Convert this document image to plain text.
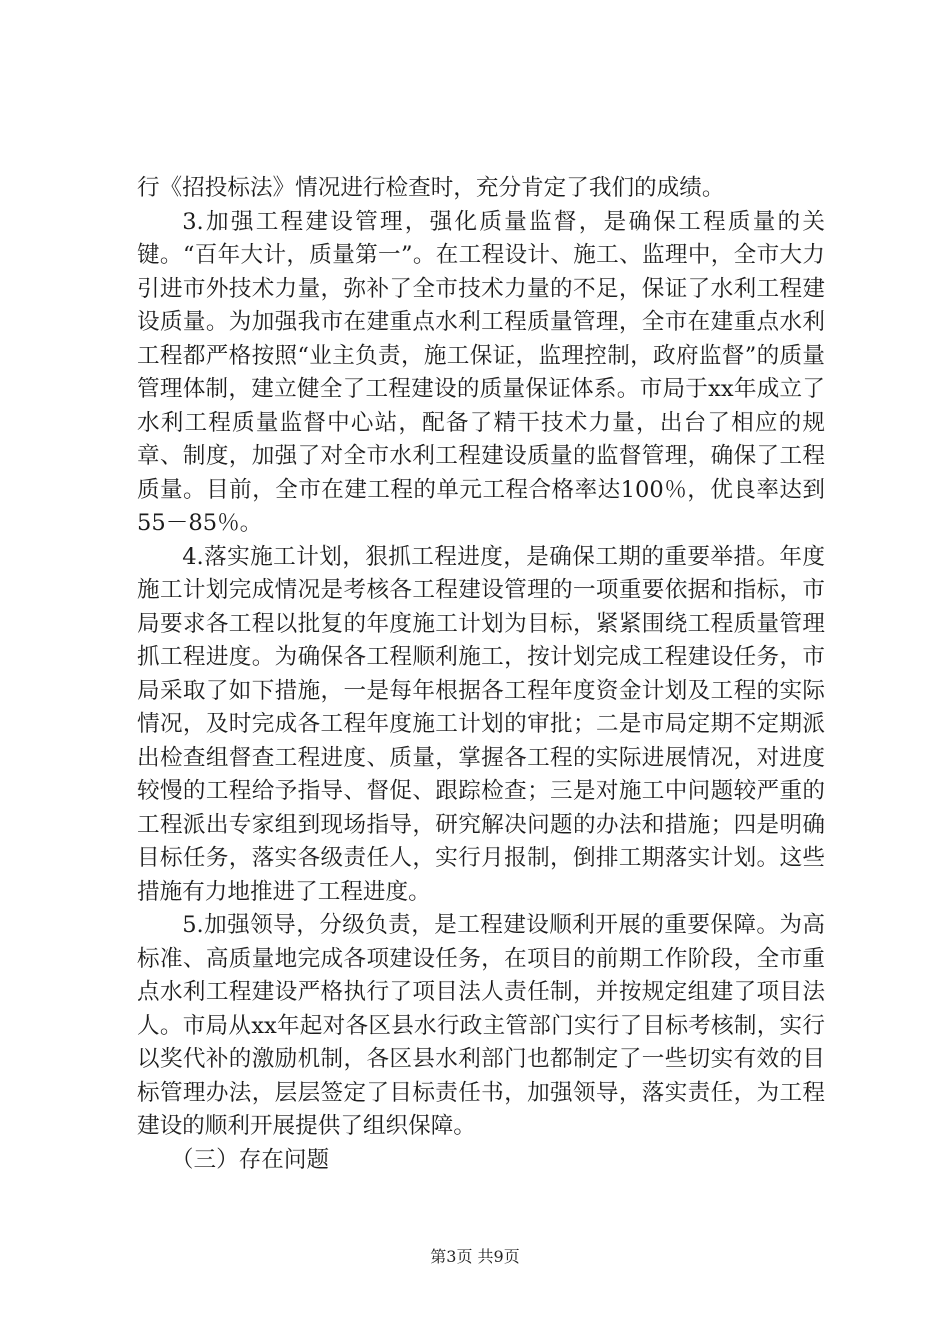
行《招投标法》情况进行检查时，充分肯定了我们的成绩。

3.加强工程建设管理，强化质量监督，是确保工程质量的关键。“百年大计，质量第一”。在工程设计、施工、监理中，全市大力引进市外技术力量，弥补了全市技术力量的不足，保证了水利工程建设质量。为加强我市在建重点水利工程质量管理，全市在建重点水利工程都严格按照“业主负责，施工保证，监理控制，政府监督”的质量管理体制，建立健全了工程建设的质量保证体系。市局于xx年成立了水利工程质量监督中心站，配备了精干技术力量，出台了相应的规章、制度，加强了对全市水利工程建设质量的监督管理，确保了工程质量。目前，全市在建工程的单元工程合格率达100％，优良率达到55－85％。

4.落实施工计划，狠抓工程进度，是确保工期的重要举措。年度施工计划完成情况是考核各工程建设管理的一项重要依据和指标，市局要求各工程以批复的年度施工计划为目标，紧紧围绕工程质量管理抓工程进度。为确保各工程顺利施工，按计划完成工程建设任务，市局采取了如下措施，一是每年根据各工程年度资金计划及工程的实际情况，及时完成各工程年度施工计划的审批；二是市局定期不定期派出检查组督查工程进度、质量，掌握各工程的实际进展情况，对进度较慢的工程给予指导、督促、跟踪检查；三是对施工中问题较严重的工程派出专家组到现场指导，研究解决问题的办法和措施；四是明确目标任务，落实各级责任人，实行月报制，倒排工期落实计划。这些措施有力地推进了工程进度。

5.加强领导，分级负责，是工程建设顺利开展的重要保障。为高标准、高质量地完成各项建设任务，在项目的前期工作阶段，全市重点水利工程建设严格执行了项目法人责任制，并按规定组建了项目法人。市局从xx年起对各区县水行政主管部门实行了目标考核制，实行以奖代补的激励机制，各区县水利部门也都制定了一些切实有效的目标管理办法，层层签定了目标责任书，加强领导，落实责任，为工程建设的顺利开展提供了组织保障。

（三）存在问题

第3页 共9页
